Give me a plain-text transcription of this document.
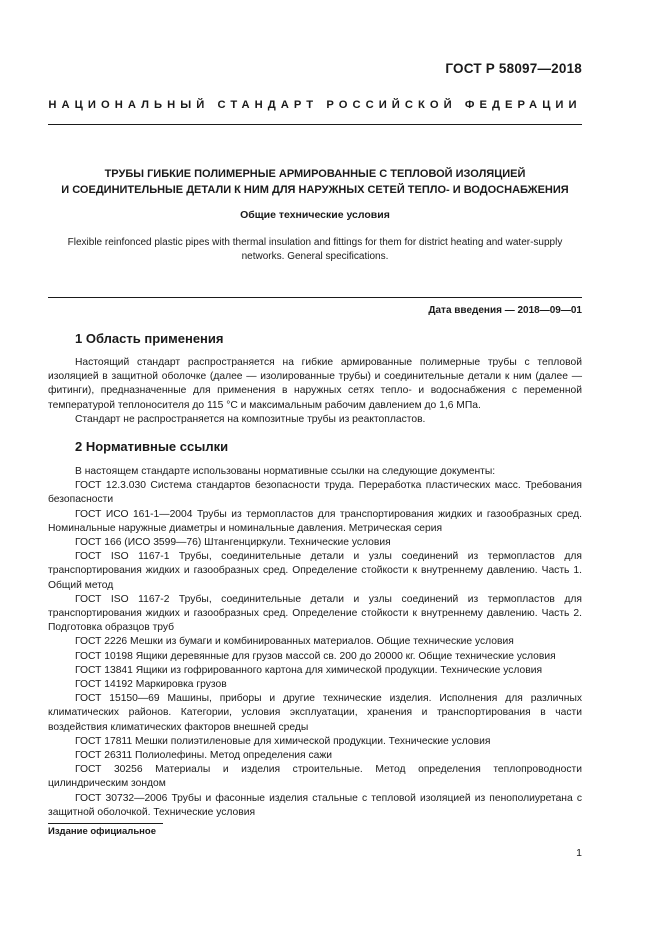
ГОСТ Р 58097—2018
НАЦИОНАЛЬНЫЙ СТАНДАРТ РОССИЙСКОЙ ФЕДЕРАЦИИ
ТРУБЫ ГИБКИЕ ПОЛИМЕРНЫЕ АРМИРОВАННЫЕ С ТЕПЛОВОЙ ИЗОЛЯЦИЕЙ
И СОЕДИНИТЕЛЬНЫЕ ДЕТАЛИ К НИМ ДЛЯ НАРУЖНЫХ СЕТЕЙ ТЕПЛО- И ВОДОСНАБЖЕНИЯ
Общие технические условия
Flexible reinfonced plastic pipes with thermal insulation and fittings for them for district heating and water-supply
networks. General specifications.
Дата введения — 2018—09—01
1 Область применения

Настоящий стандарт распространяется на гибкие армированные полимерные трубы с тепловой изоляцией в защитной оболочке (далее — изолированные трубы) и соединительные детали к ним (далее — фитинги), предназначенные для применения в наружных сетях тепло- и водоснабжения с переменной температурой теплоносителя до 115 °С и максимальным рабочим давлением до 1,6 МПа.

Стандарт не распространяется на композитные трубы из реактопластов.

2 Нормативные ссылки

В настоящем стандарте использованы нормативные ссылки на следующие документы:

ГОСТ 12.3.030 Система стандартов безопасности труда. Переработка пластических масс. Требования безопасности

ГОСТ ИСО 161-1—2004 Трубы из термопластов для транспортирования жидких и газообразных сред. Номинальные наружные диаметры и номинальные давления. Метрическая серия

ГОСТ 166 (ИСО 3599—76) Штангенциркули. Технические условия

ГОСТ ISO 1167-1 Трубы, соединительные детали и узлы соединений из термопластов для транспортирования жидких и газообразных сред. Определение стойкости к внутреннему давлению. Часть 1. Общий метод

ГОСТ ISO 1167-2 Трубы, соединительные детали и узлы соединений из термопластов для транспортирования жидких и газообразных сред. Определение стойкости к внутреннему давлению. Часть 2. Подготовка образцов труб

ГОСТ 2226 Мешки из бумаги и комбинированных материалов. Общие технические условия

ГОСТ 10198 Ящики деревянные для грузов массой св. 200 до 20000 кг. Общие технические условия

ГОСТ 13841 Ящики из гофрированного картона для химической продукции. Технические условия

ГОСТ 14192 Маркировка грузов

ГОСТ 15150—69 Машины, приборы и другие технические изделия. Исполнения для различных климатических районов. Категории, условия эксплуатации, хранения и транспортирования в части воздействия климатических факторов внешней среды

ГОСТ 17811 Мешки полиэтиленовые для химической продукции. Технические условия

ГОСТ 26311 Полиолефины. Метод определения сажи

ГОСТ 30256 Материалы и изделия строительные. Метод определения теплопроводности цилиндрическим зондом

ГОСТ 30732—2006 Трубы и фасонные изделия стальные с тепловой изоляцией из пенополиуретана с защитной оболочкой. Технические условия

Издание официальное
1
